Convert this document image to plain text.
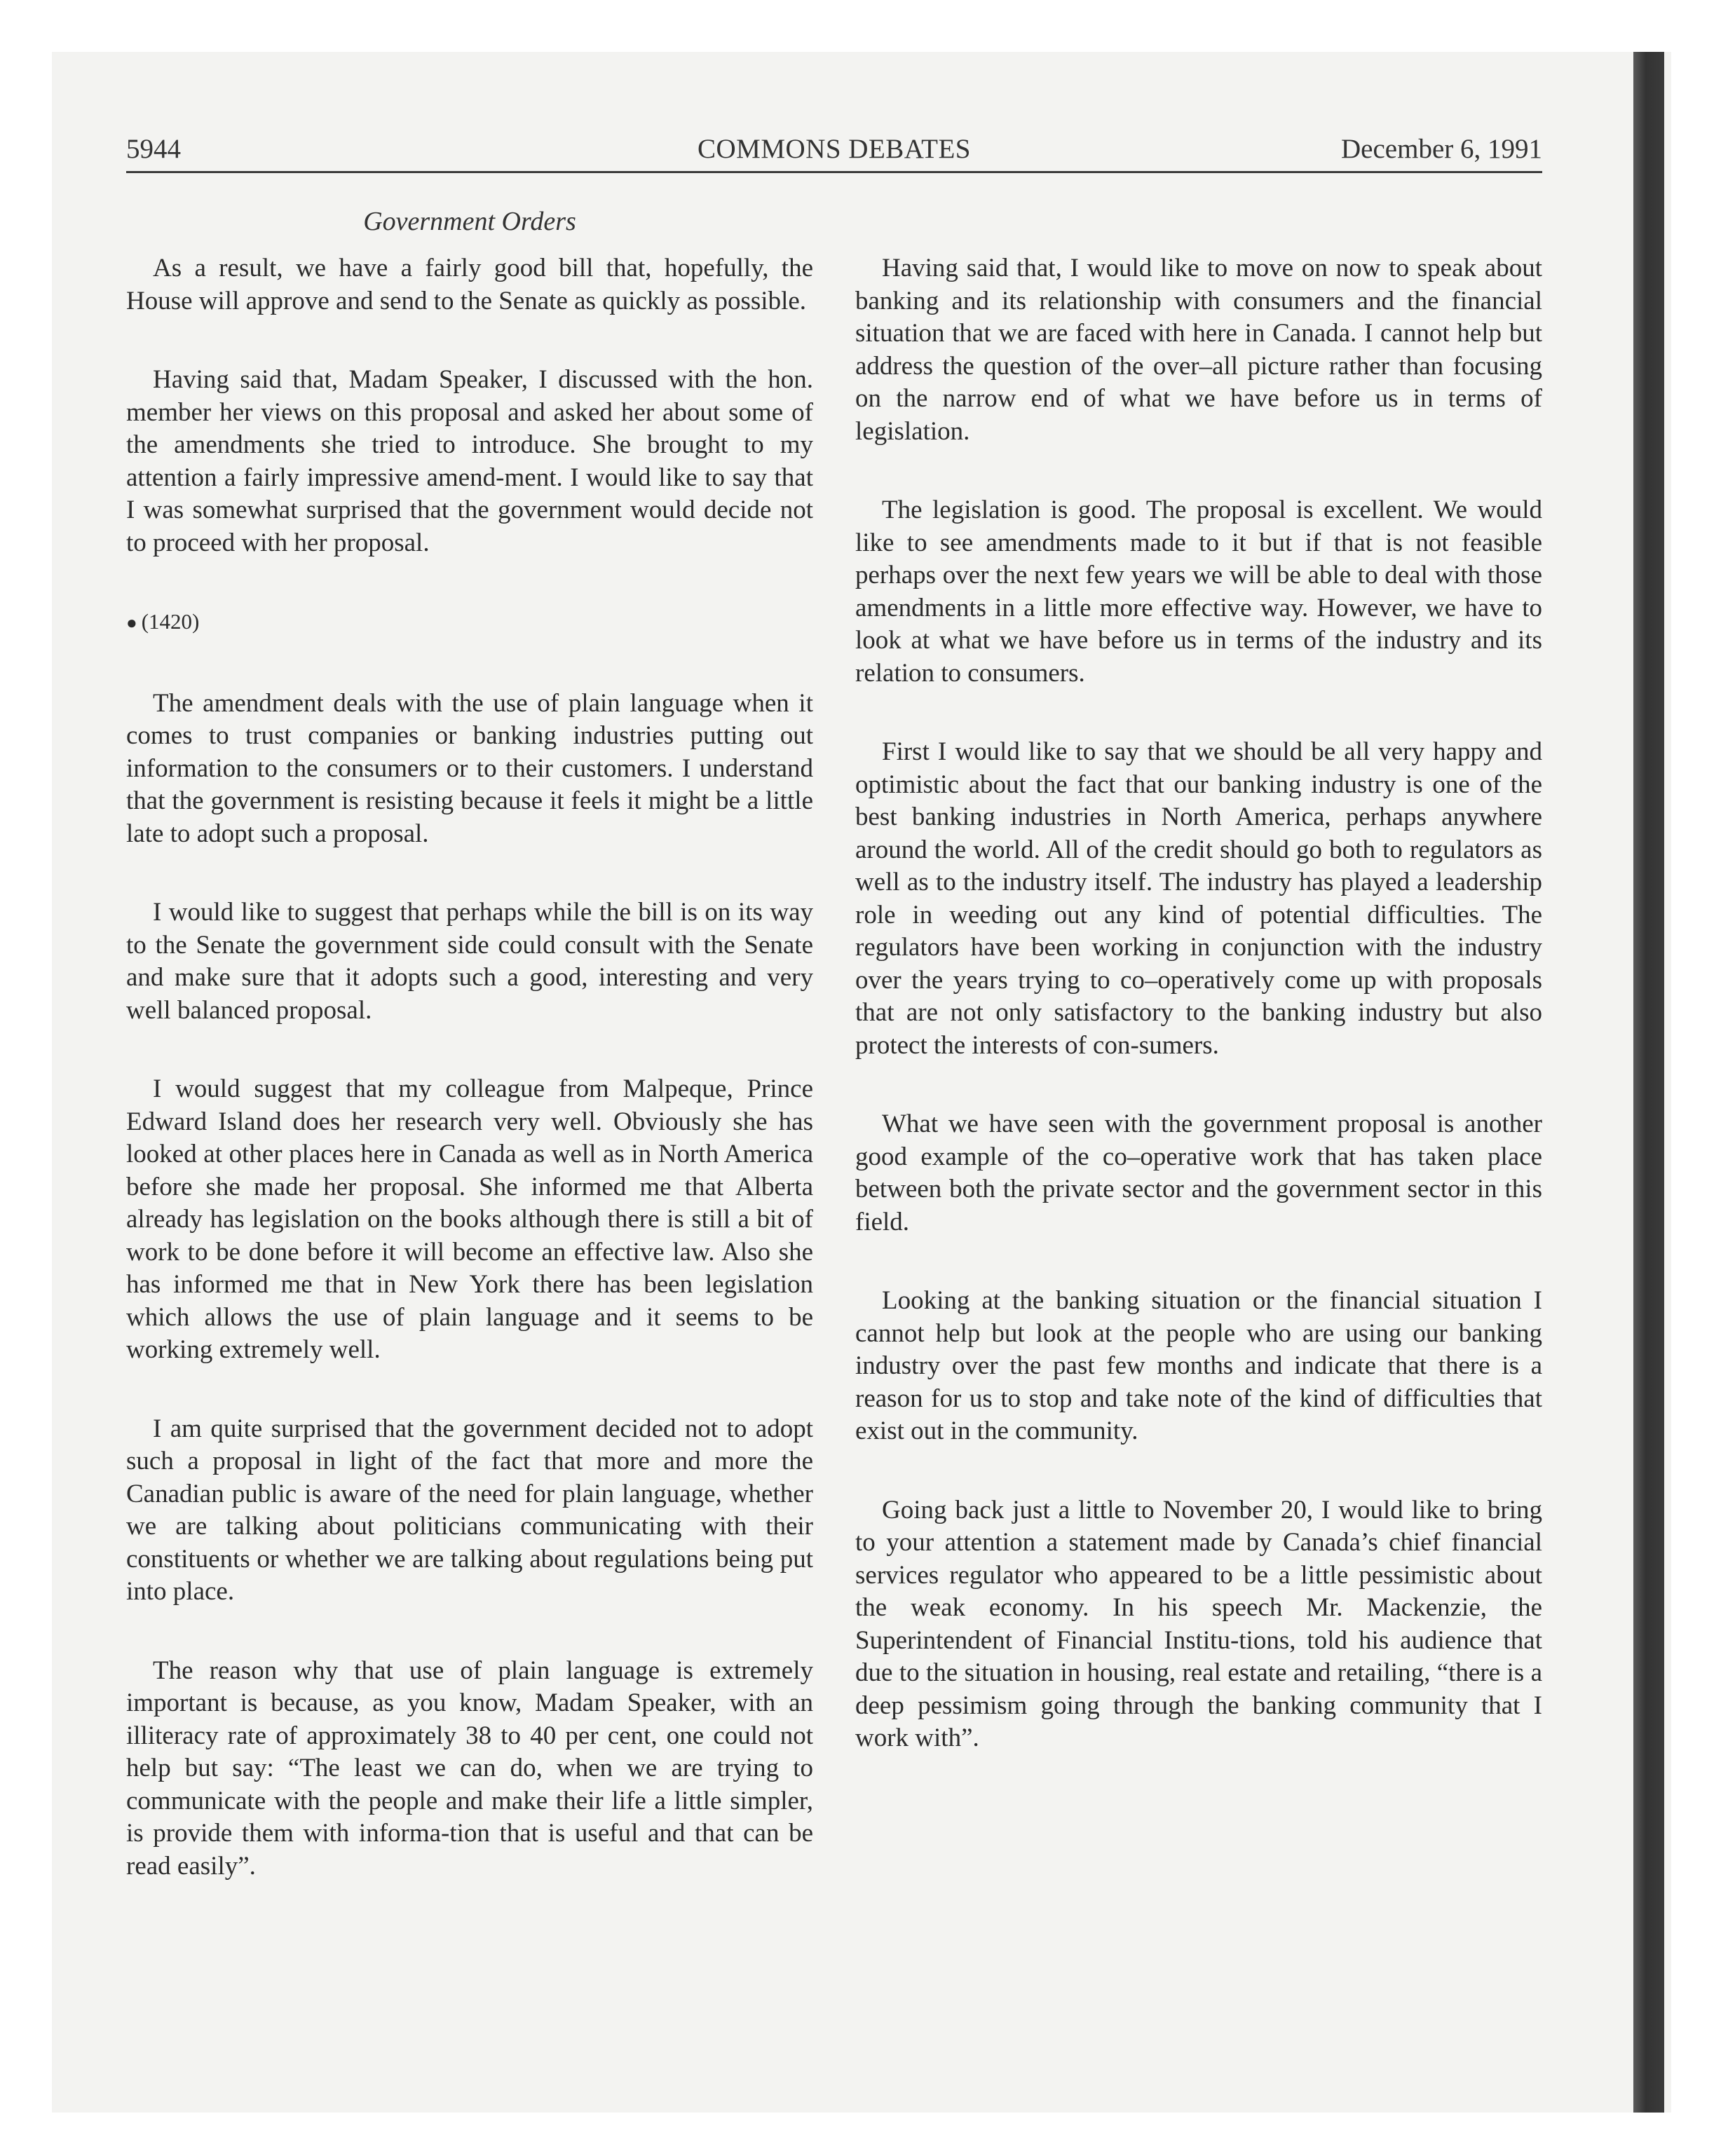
5944	COMMONS DEBATES	December 6, 1991
Government Orders

As a result, we have a fairly good bill that, hopefully, the House will approve and send to the Senate as quickly as possible.

Having said that, Madam Speaker, I discussed with the hon. member her views on this proposal and asked her about some of the amendments she tried to introduce. She brought to my attention a fairly impressive amend-ment. I would like to say that I was somewhat surprised that the government would decide not to proceed with her proposal.

● (1420)

The amendment deals with the use of plain language when it comes to trust companies or banking industries putting out information to the consumers or to their customers. I understand that the government is resisting because it feels it might be a little late to adopt such a proposal.

I would like to suggest that perhaps while the bill is on its way to the Senate the government side could consult with the Senate and make sure that it adopts such a good, interesting and very well balanced proposal.

I would suggest that my colleague from Malpeque, Prince Edward Island does her research very well. Obviously she has looked at other places here in Canada as well as in North America before she made her proposal. She informed me that Alberta already has legislation on the books although there is still a bit of work to be done before it will become an effective law. Also she has informed me that in New York there has been legislation which allows the use of plain language and it seems to be working extremely well.

I am quite surprised that the government decided not to adopt such a proposal in light of the fact that more and more the Canadian public is aware of the need for plain language, whether we are talking about politicians communicating with their constituents or whether we are talking about regulations being put into place.

The reason why that use of plain language is extremely important is because, as you know, Madam Speaker, with an illiteracy rate of approximately 38 to 40 per cent, one could not help but say: “The least we can do, when we are trying to communicate with the people and make their life a little simpler, is provide them with informa-tion that is useful and that can be read easily”.

Having said that, I would like to move on now to speak about banking and its relationship with consumers and the financial situation that we are faced with here in Canada. I cannot help but address the question of the over–all picture rather than focusing on the narrow end of what we have before us in terms of legislation.

The legislation is good. The proposal is excellent. We would like to see amendments made to it but if that is not feasible perhaps over the next few years we will be able to deal with those amendments in a little more effective way. However, we have to look at what we have before us in terms of the industry and its relation to consumers.

First I would like to say that we should be all very happy and optimistic about the fact that our banking industry is one of the best banking industries in North America, perhaps anywhere around the world. All of the credit should go both to regulators as well as to the industry itself. The industry has played a leadership role in weeding out any kind of potential difficulties. The regulators have been working in conjunction with the industry over the years trying to co–operatively come up with proposals that are not only satisfactory to the banking industry but also protect the interests of con-sumers.

What we have seen with the government proposal is another good example of the co–operative work that has taken place between both the private sector and the government sector in this field.

Looking at the banking situation or the financial situation I cannot help but look at the people who are using our banking industry over the past few months and indicate that there is a reason for us to stop and take note of the kind of difficulties that exist out in the community.

Going back just a little to November 20, I would like to bring to your attention a statement made by Canada’s chief financial services regulator who appeared to be a little pessimistic about the weak economy. In his speech Mr. Mackenzie, the Superintendent of Financial Institu-tions, told his audience that due to the situation in housing, real estate and retailing, “there is a deep pessimism going through the banking community that I work with”.
